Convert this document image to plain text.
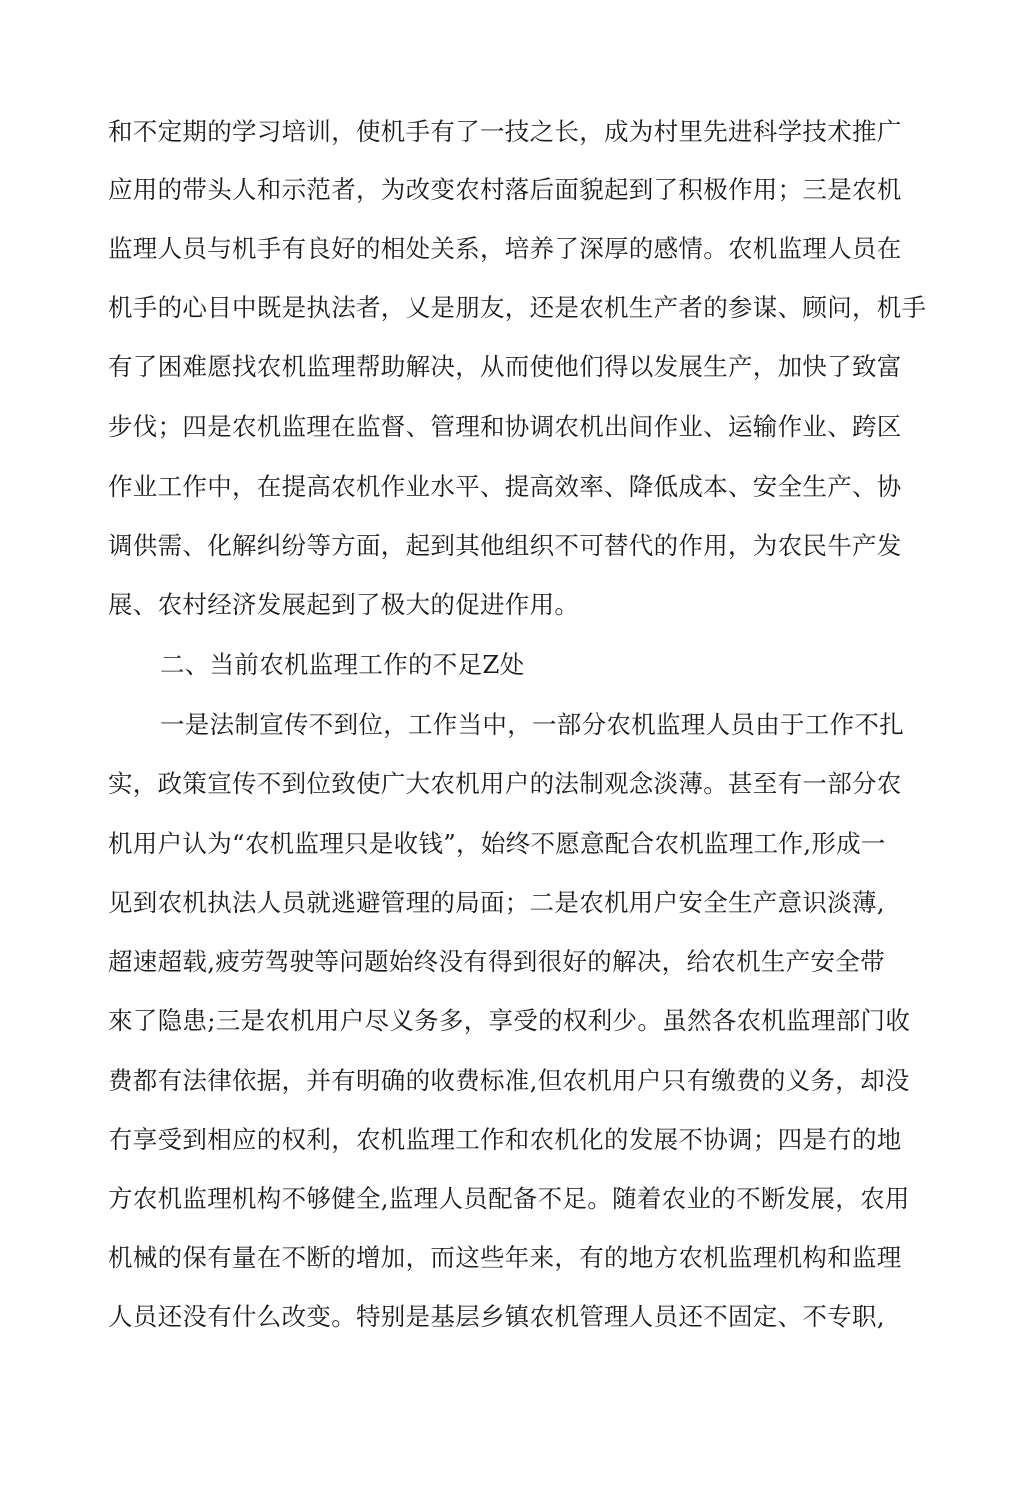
和不定期的学习培训，使机手有了一技之长，成为村里先进科学技术推广
应用的带头人和示范者，为改变农村落后面貌起到了积极作用；三是农机
监理人员与机手有良好的相处关系，培养了深厚的感情。农机监理人员在
机手的心目中既是执法者，乂是朋友，还是农机生产者的参谋、顾问，机手
有了困难愿找农机监理帮助解决，从而使他们得以发展生产，加快了致富
步伐；四是农机监理在监督、管理和协调农机出间作业、运输作业、跨区
作业工作中，在提高农机作业水平、提高效率、降低成本、安全生产、协
调供需、化解纠纷等方面，起到其他组织不可替代的作用，为农民牛产发
展、农村经济发展起到了极大的促进作用。
二、当前农机监理工作的不足Z处
一是法制宣传不到位，工作当中，一部分农机监理人员由于工作不扎
实，政策宣传不到位致使广大农机用户的法制观念淡薄。甚至有一部分农
机用户认为“农机监理只是收钱”，始终不愿意配合农机监理工作,形成一
见到农机执法人员就逃避管理的局面；二是农机用户安全生产意识淡薄,
超速超载,疲劳驾驶等问题始终没有得到很好的解决，给农机生产安全带
來了隐患;三是农机用户尽义务多，享受的权利少。虽然各农机监理部门收
费都有法律依据，并有明确的收费标准,但农机用户只有缴费的义务，却没
冇享受到相应的权利，农机监理工作和农机化的发展不协调；四是冇的地
方农机监理机构不够健全,监理人员配备不足。随着农业的不断发展，农用
机械的保有量在不断的增加，而这些年来，有的地方农机监理机构和监理
人员还没有什么改变。特别是基层乡镇农机管理人员还不固定、不专职,
